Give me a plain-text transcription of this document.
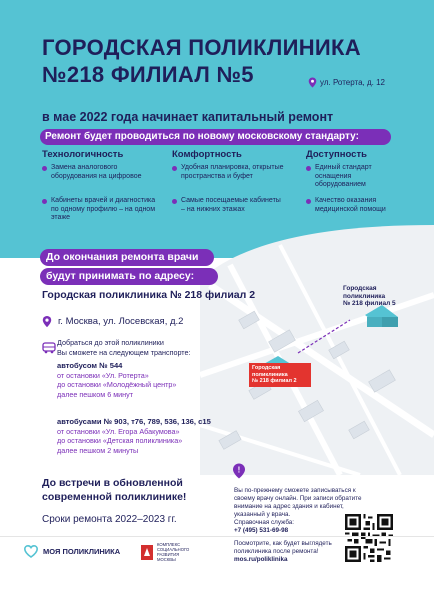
ГОРОДСКАЯ ПОЛИКЛИНИКА
№218 ФИЛИАЛ №5	ул. Ротерта, д. 12
в мае 2022 года начинает капитальный ремонт
Ремонт будет проводиться по новому московскому стандарту:
Технологичность	Комфортность	Доступность
Замена аналогового оборудования на цифровое
Кабинеты врачей и диагностика по одному профилю – на одном этаже
Удобная планировка, открытые пространства и буфет
Самые посещаемые кабинеты – на нижних этажах
Единый стандарт оснащения оборудованием
Качество оказания медицинской помощи
Городская
поликлиника
№ 218 филиал 5
Городская поликлиника
№ 218 филиал 2
До окончания ремонта врачи
будут принимать по адресу:
Городская поликлиника № 218 филиал 2
г. Москва, ул. Лосевская, д.2
Добраться до этой поликлиники
Вы сможете на следующем транспорте:
автобусом № 544
от остановки «Ул. Ротерта»
до остановки «Молодёжный центр»
далее пешком 6 минут
автобусами № 903, т76, 789, 536, 136, с15
от остановки «Ул. Егора Абакумова»
до остановки «Детская поликлиника»
далее пешком 2 минуты
До встречи в обновленной
современной поликлинике!
Сроки ремонта 2022–2023 гг.
!
Вы по-прежнему сможете записываться к своему врачу онлайн. При записи обратите внимание на адрес здания и кабинет, указанный у врача.
Справочная служба:
+7 (495) 531-69-98
Посмотрите, как будет выглядеть поликлиника после ремонта!
mos.ru/poliklinika
МОЯ ПОЛИКЛИНИКА
КОМПЛЕКС СОЦИАЛЬНОГО РАЗВИТИЯ МОСКВЫ
